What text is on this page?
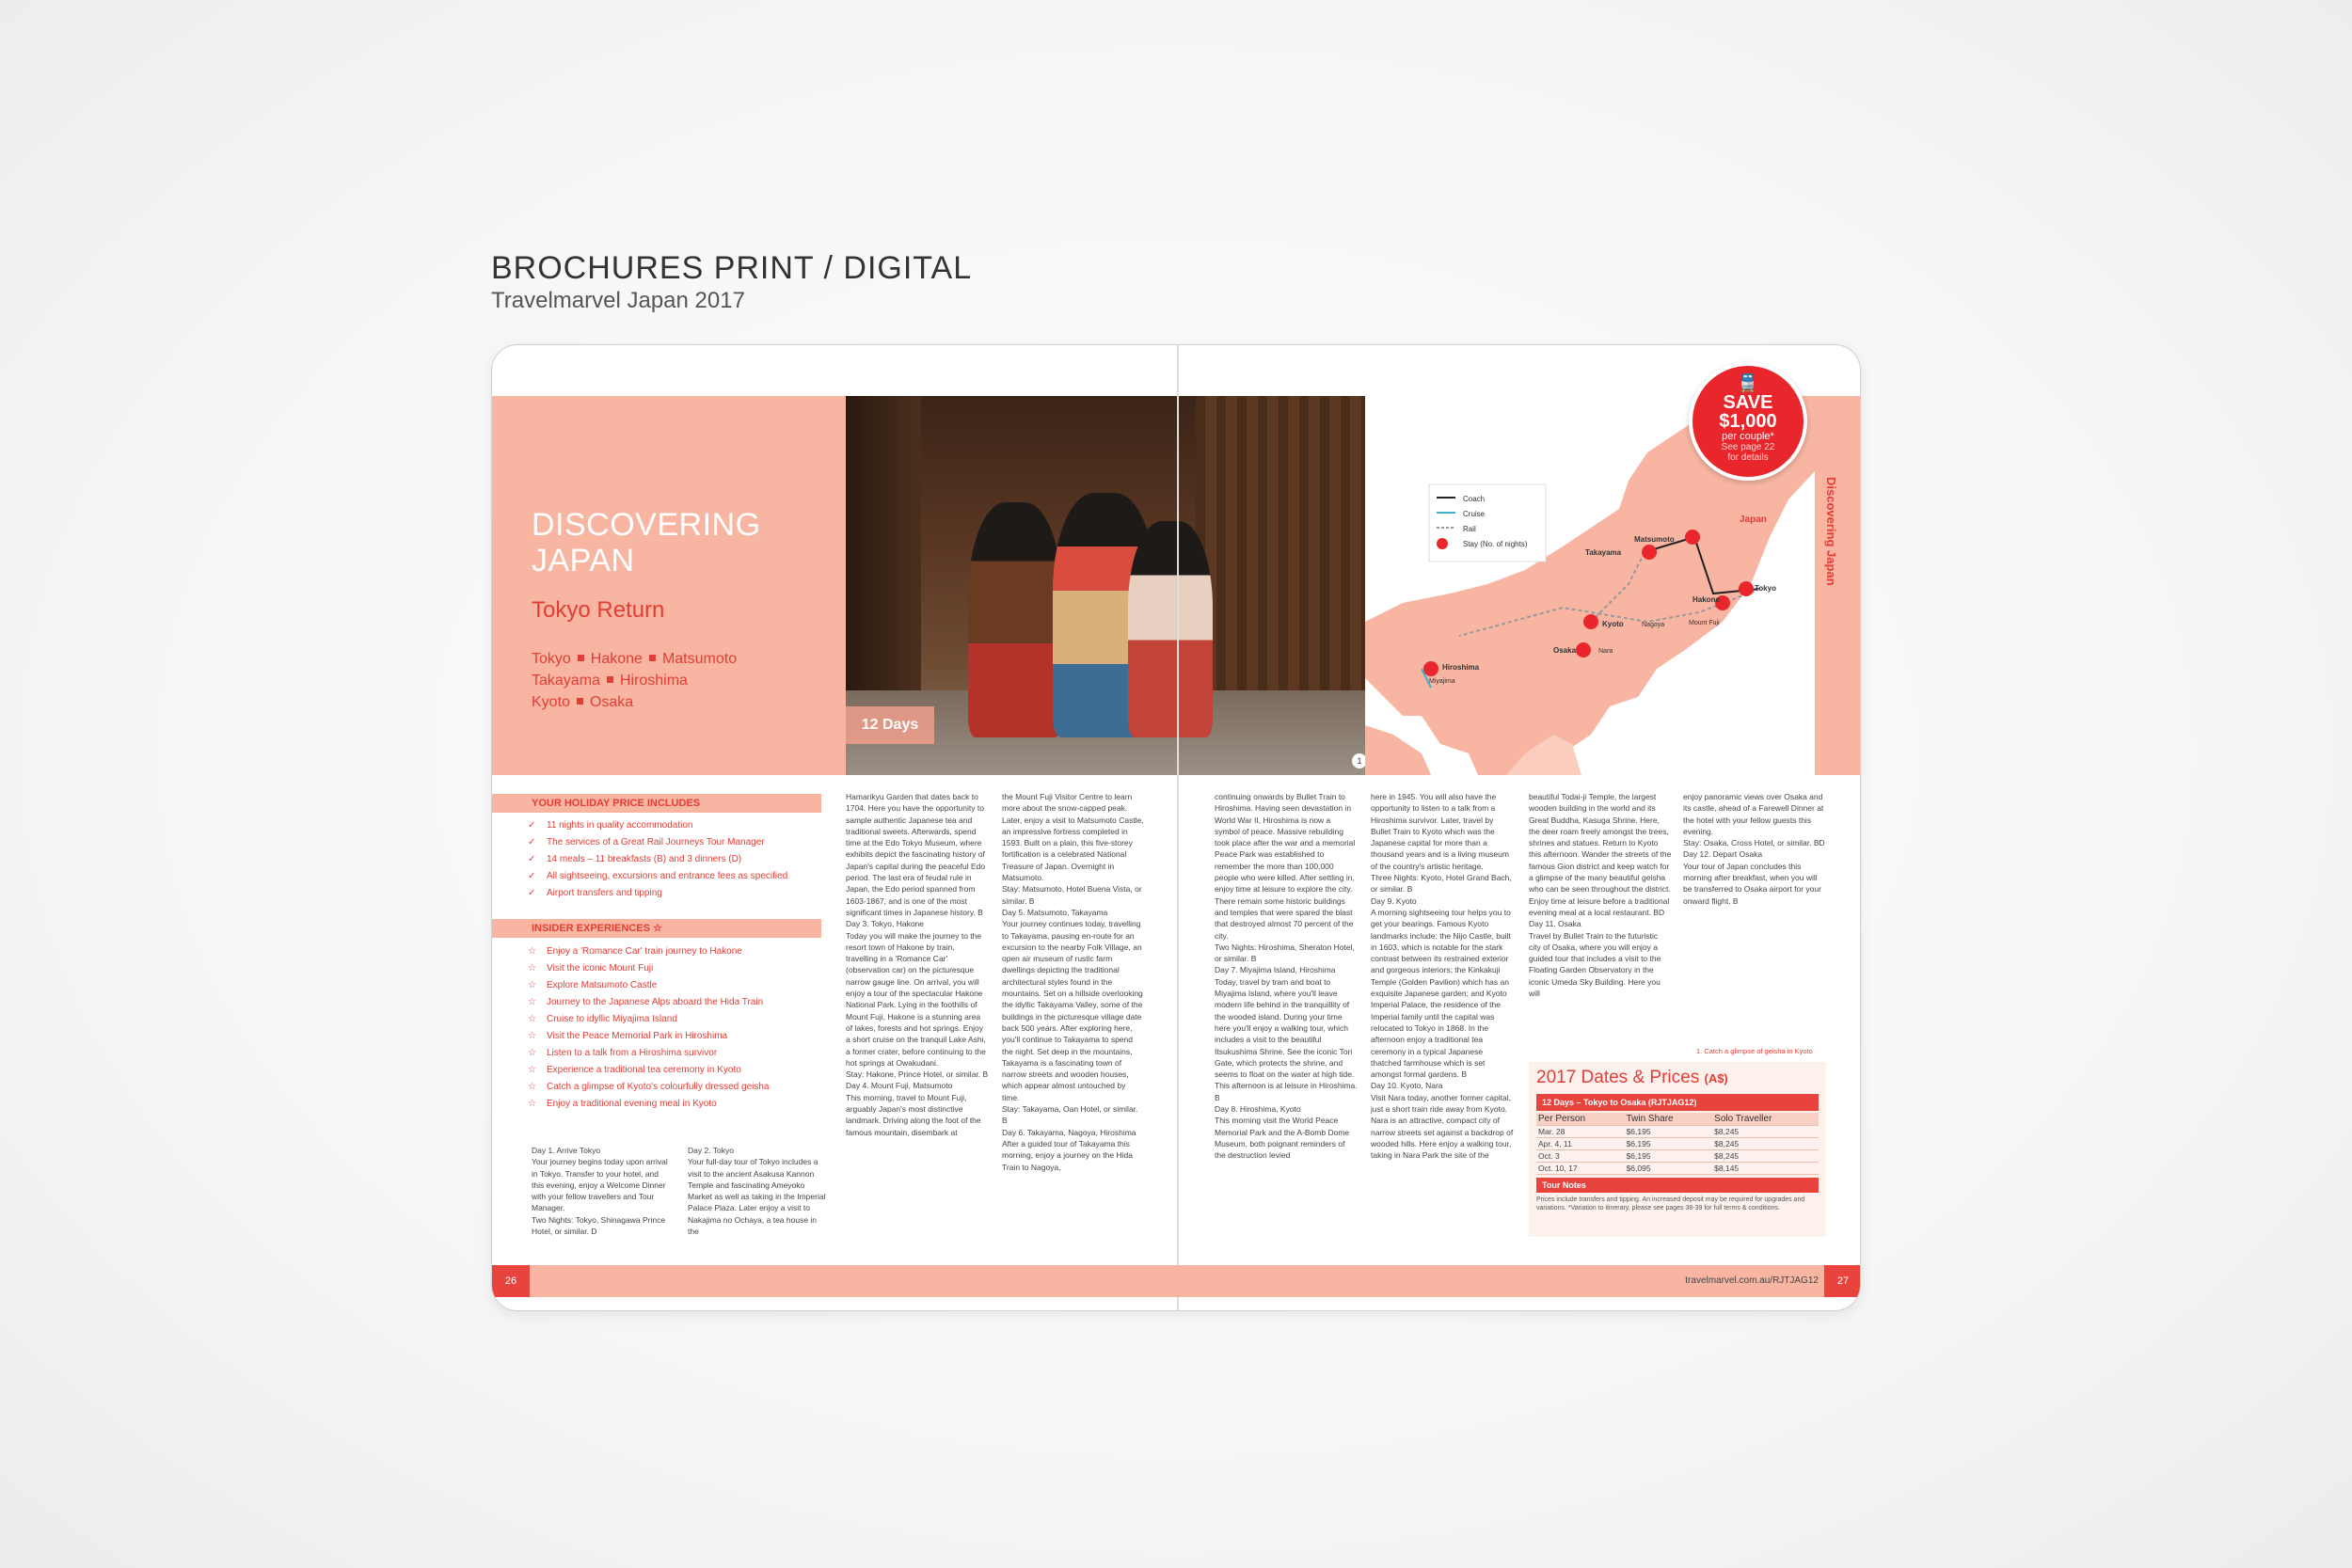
BROCHURES PRINT / DIGITAL
Travelmarvel Japan 2017
DISCOVERING JAPAN
Tokyo Return
Tokyo Hakone Matsumoto
Takayama Hiroshima
Kyoto Osaka
12 Days
1
Japan
Coach
Cruise
Rail
Stay (No. of nights)
Matsumoto
Takayama
Hakone
Tokyo
Kyoto	Nagoya	Mount Fuji
Osaka	Nara
Hiroshima
Miyajima
Discovering Japan
🚆
SAVE
$1,000
per couple*
See page 22
for details
YOUR HOLIDAY PRICE INCLUDES
✓ 11 nights in quality accommodation
✓ The services of a Great Rail Journeys Tour Manager
✓ 14 meals – 11 breakfasts (B) and 3 dinners (D)
✓ All sightseeing, excursions and entrance fees as specified
✓ Airport transfers and tipping
INSIDER EXPERIENCES ☆
☆ Enjoy a 'Romance Car' train journey to Hakone
☆ Visit the iconic Mount Fuji
☆ Explore Matsumoto Castle
☆ Journey to the Japanese Alps aboard the Hida Train
☆ Cruise to idyllic Miyajima Island
☆ Visit the Peace Memorial Park in Hiroshima
☆ Listen to a talk from a Hiroshima survivor
☆ Experience a traditional tea ceremony in Kyoto
☆ Catch a glimpse of Kyoto's colourfully dressed geisha
☆ Enjoy a traditional evening meal in Kyoto
Day 1. Arrive Tokyo
Your journey begins today upon arrival in Tokyo. Transfer to your hotel, and this evening, enjoy a Welcome Dinner with your fellow travellers and Tour Manager.
Two Nights: Tokyo, Shinagawa Prince Hotel, or similar. D
Day 2. Tokyo
Your full-day tour of Tokyo includes a visit to the ancient Asakusa Kannon Temple and fascinating Ameyoko Market as well as taking in the Imperial Palace Plaza. Later enjoy a visit to Nakajima no Ochaya, a tea house in the
Hamarikyu Garden that dates back to 1704. Here you have the opportunity to sample authentic Japanese tea and traditional sweets. Afterwards, spend time at the Edo Tokyo Museum, where exhibits depict the fascinating history of Japan's capital during the peaceful Edo period. The last era of feudal rule in Japan, the Edo period spanned from 1603-1867, and is one of the most significant times in Japanese history. B
Day 3. Tokyo, Hakone
Today you will make the journey to the resort town of Hakone by train, travelling in a 'Romance Car' (observation car) on the picturesque narrow gauge line. On arrival, you will enjoy a tour of the spectacular Hakone National Park. Lying in the foothills of Mount Fuji, Hakone is a stunning area of lakes, forests and hot springs. Enjoy a short cruise on the tranquil Lake Ashi, a former crater, before continuing to the hot springs at Owakudani.
Stay: Hakone, Prince Hotel, or similar. B
Day 4. Mount Fuji, Matsumoto
This morning, travel to Mount Fuji, arguably Japan's most distinctive landmark. Driving along the foot of the famous mountain, disembark at
the Mount Fuji Visitor Centre to learn more about the snow-capped peak. Later, enjoy a visit to Matsumoto Castle, an impressive fortress completed in 1593. Built on a plain, this five-storey fortification is a celebrated National Treasure of Japan. Overnight in Matsumoto.
Stay: Matsumoto, Hotel Buena Vista, or similar. B
Day 5. Matsumoto, Takayama
Your journey continues today, travelling to Takayama, pausing en-route for an excursion to the nearby Folk Village, an open air museum of rustic farm dwellings depicting the traditional architectural styles found in the mountains. Set on a hillside overlooking the idyllic Takayama Valley, some of the buildings in the picturesque village date back 500 years. After exploring here, you'll continue to Takayama to spend the night. Set deep in the mountains, Takayama is a fascinating town of narrow streets and wooden houses, which appear almost untouched by time.
Stay: Takayama, Oan Hotel, or similar. B
Day 6. Takayama, Nagoya, Hiroshima
After a guided tour of Takayama this morning, enjoy a journey on the Hida Train to Nagoya,
continuing onwards by Bullet Train to Hiroshima. Having seen devastation in World War II, Hiroshima is now a symbol of peace. Massive rebuilding took place after the war and a memorial Peace Park was established to remember the more than 100,000 people who were killed. After settling in, enjoy time at leisure to explore the city. There remain some historic buildings and temples that were spared the blast that destroyed almost 70 percent of the city.
Two Nights: Hiroshima, Sheraton Hotel, or similar. B
Day 7. Miyajima Island, Hiroshima
Today, travel by tram and boat to Miyajima Island, where you'll leave modern life behind in the tranquillity of the wooded island. During your time here you'll enjoy a walking tour, which includes a visit to the beautiful Itsukushima Shrine. See the iconic Tori Gate, which protects the shrine, and seems to float on the water at high tide. This afternoon is at leisure in Hiroshima. B
Day 8. Hiroshima, Kyoto
This morning visit the World Peace Memorial Park and the A-Bomb Dome Museum, both poignant reminders of the destruction levied
here in 1945. You will also have the opportunity to listen to a talk from a Hiroshima survivor. Later, travel by Bullet Train to Kyoto which was the Japanese capital for more than a thousand years and is a living museum of the country's artistic heritage.
Three Nights: Kyoto, Hotel Grand Bach, or similar. B
Day 9. Kyoto
A morning sightseeing tour helps you to get your bearings. Famous Kyoto landmarks include: the Nijo Castle, built in 1603, which is notable for the stark contrast between its restrained exterior and gorgeous interiors; the Kinkakuji Temple (Golden Pavilion) which has an exquisite Japanese garden; and Kyoto Imperial Palace, the residence of the Imperial family until the capital was relocated to Tokyo in 1868. In the afternoon enjoy a traditional tea ceremony in a typical Japanese thatched farmhouse which is set amongst formal gardens. B
Day 10. Kyoto, Nara
Visit Nara today, another former capital, just a short train ride away from Kyoto. Nara is an attractive, compact city of narrow streets set against a backdrop of wooded hills. Here enjoy a walking tour, taking in Nara Park the site of the
beautiful Todai-ji Temple, the largest wooden building in the world and its Great Buddha, Kasuga Shrine. Here, the deer roam freely amongst the trees, shrines and statues. Return to Kyoto this afternoon. Wander the streets of the famous Gion district and keep watch for a glimpse of the many beautiful geisha who can be seen throughout the district. Enjoy time at leisure before a traditional evening meal at a local restaurant. BD
Day 11. Osaka
Travel by Bullet Train to the futuristic city of Osaka, where you will enjoy a guided tour that includes a visit to the Floating Garden Observatory in the iconic Umeda Sky Building. Here you will
enjoy panoramic views over Osaka and its castle, ahead of a Farewell Dinner at the hotel with your fellow guests this evening.
Stay: Osaka, Cross Hotel, or similar. BD
Day 12. Depart Osaka
Your tour of Japan concludes this morning after breakfast, when you will be transferred to Osaka airport for your onward flight. B
1. Catch a glimpse of geisha in Kyoto
2017 Dates & Prices (A$)
12 Days – Tokyo to Osaka (RJTJAG12)
Per Person	Twin Share	Solo Traveller
Mar. 28	$6,195	$8,245
Apr. 4, 11	$6,195	$8,245
Oct. 3	$6,195	$8,245
Oct. 10, 17	$6,095	$8,145
Tour Notes
Prices include transfers and tipping. An increased deposit may be required for upgrades and variations. *Variation to itinerary, please see pages 38-39 for full terms & conditions.
26	27
travelmarvel.com.au/RJTJAG12
